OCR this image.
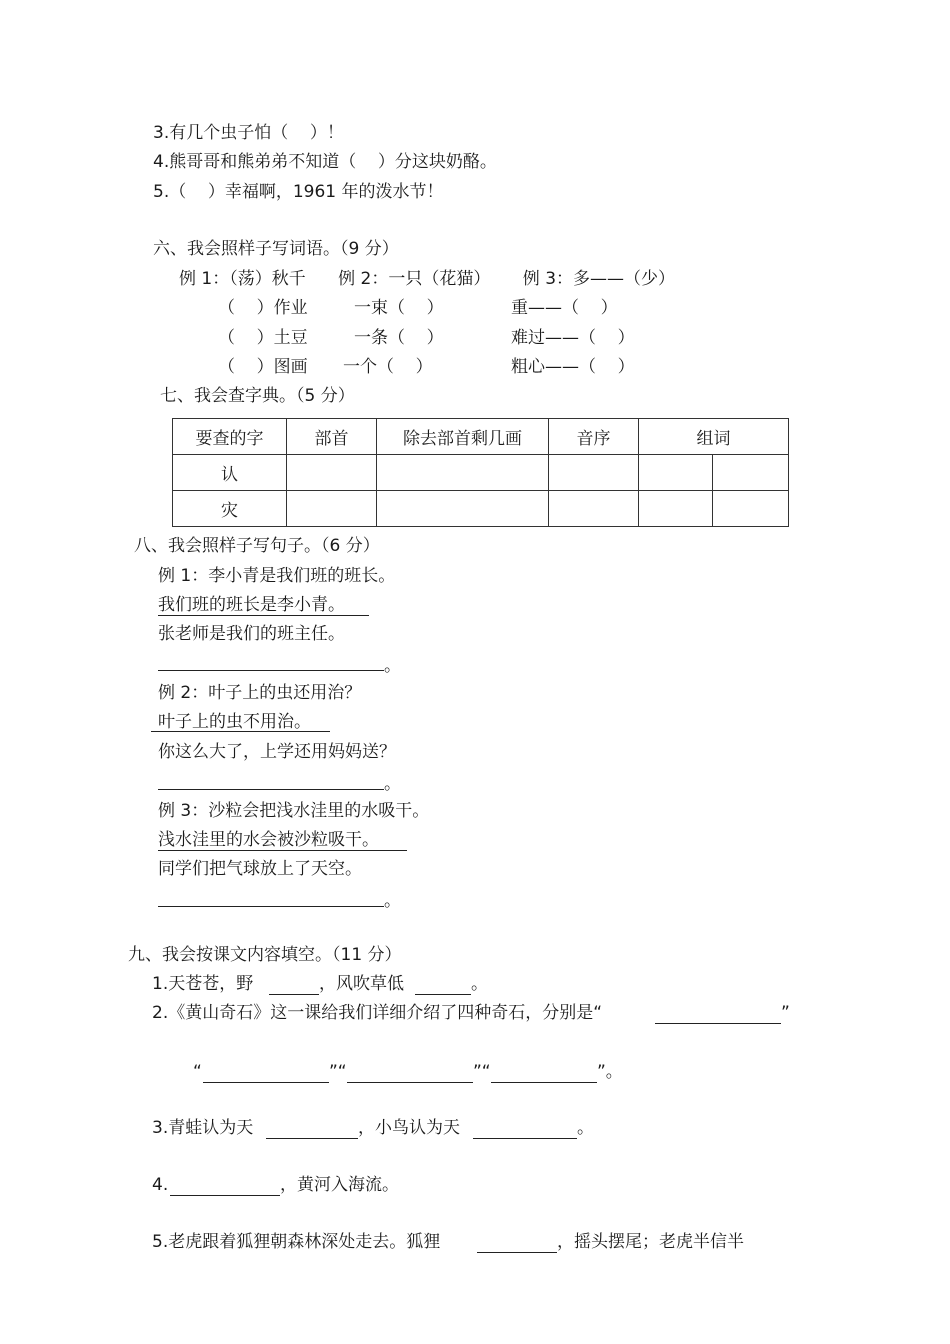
3.有几个虫子怕（    ）！
4.熊哥哥和熊弟弟不知道（    ）分这块奶酪。
5.（    ）幸福啊，1961 年的泼水节！
六、我会照样子写词语。（9 分）
例 1：（荡）秋千      例 2：一只（花猫）      例 3：多——（少）
（    ）作业	一束（    ）	重——（    ）
（    ）土豆	一条（    ）	难过——（    ）
（    ）图画 一个（    ）	粗心——（    ）
七、我会查字典。（5 分）
要查的字	部首	除去部首剩几画	音序	组词	
认					
灾					
八、我会照样子写句子。（6 分）
例 1：李小青是我们班的班长。
我们班的班长是李小青。
张老师是我们的班主任。
。
例 2：叶子上的虫还用治？
叶子上的虫不用治。
你这么大了，上学还用妈妈送？
。
例 3：沙粒会把浅水洼里的水吸干。
浅水洼里的水会被沙粒吸干。
同学们把气球放上了天空。
。
九、我会按课文内容填空。（11 分）
1.天苍苍，野	，风吹草低	。
2.《黄山奇石》这一课给我们详细介绍了四种奇石，分别是“	”
“	”“	”“	”。
3.青蛙认为天	，小鸟认为天	。
4.	，黄河入海流。
5.老虎跟着狐狸朝森林深处走去。狐狸	，摇头摆尾；老虎半信半
